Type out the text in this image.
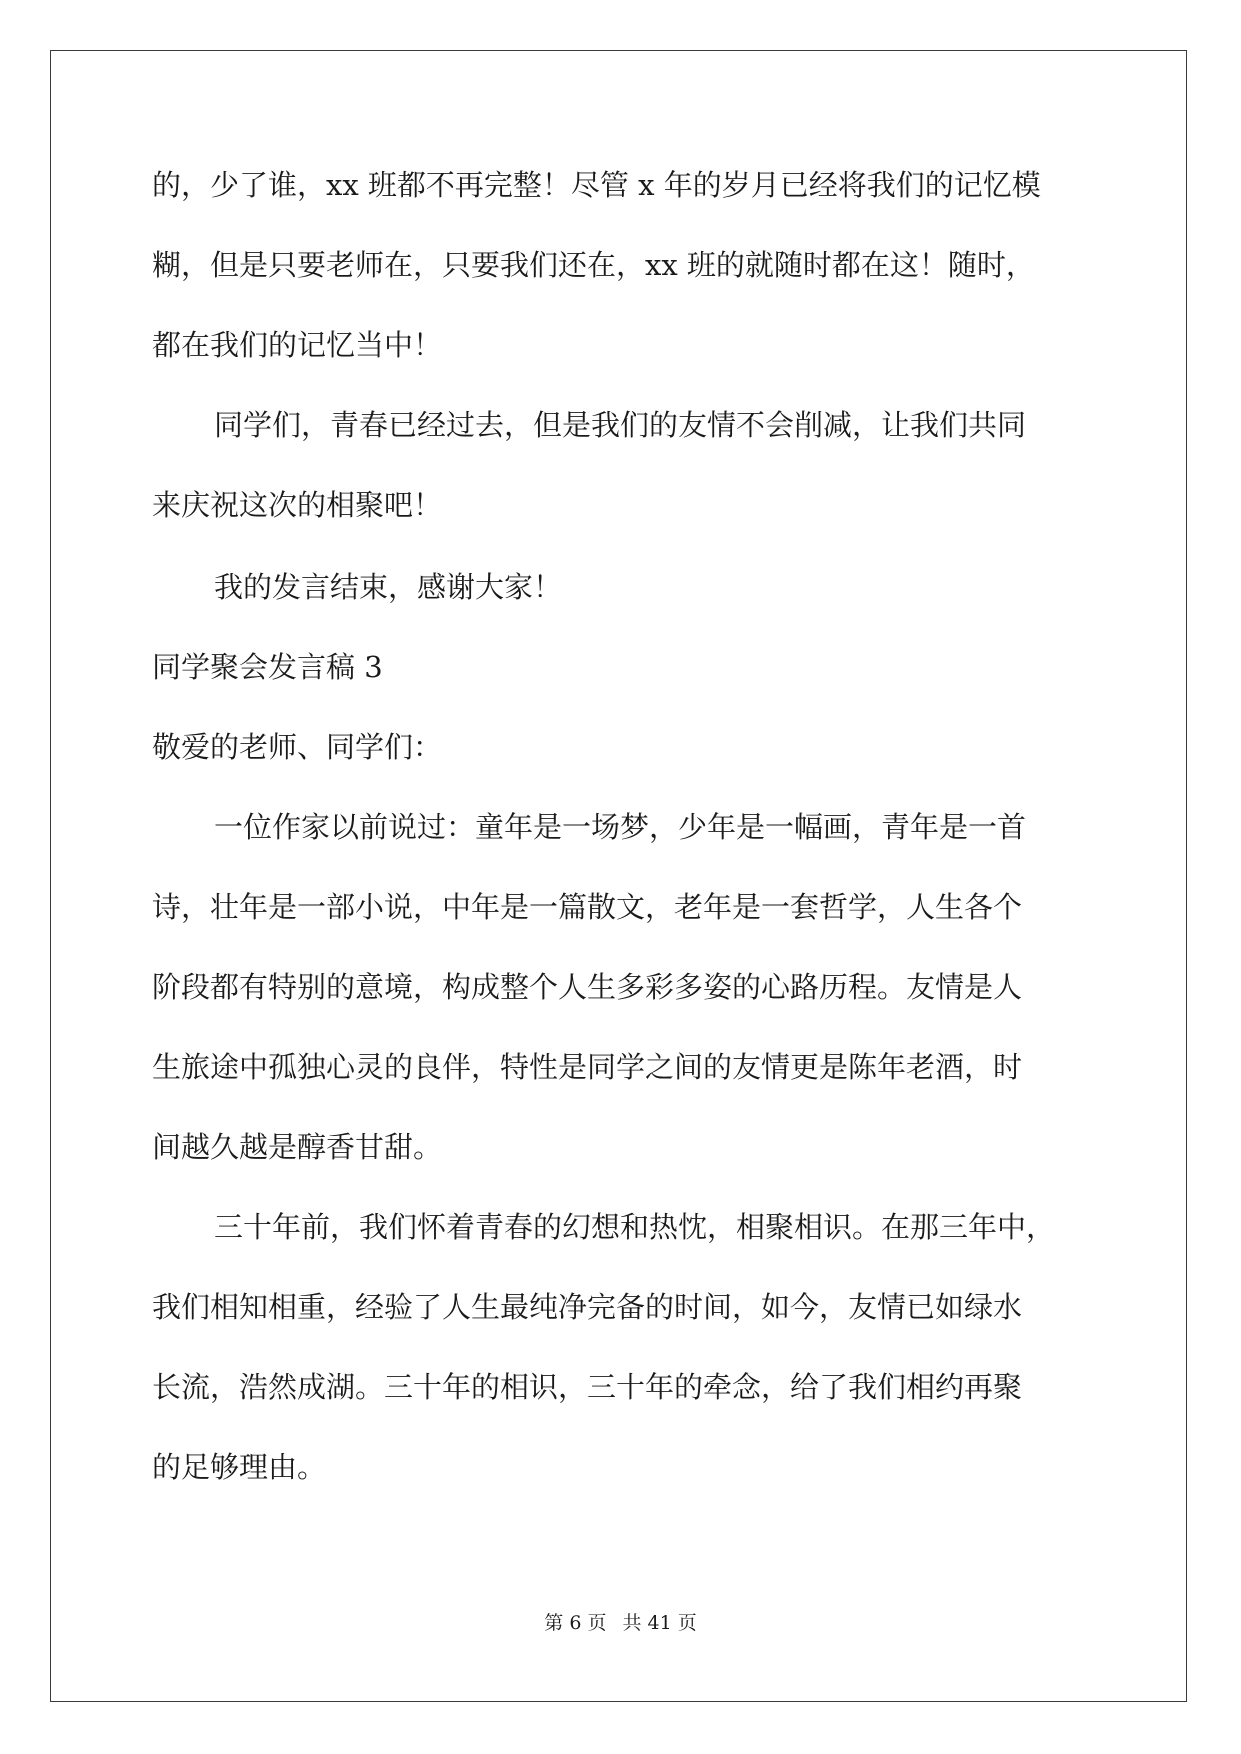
的，少了谁，xx 班都不再完整！尽管 x 年的岁月已经将我们的记忆模
糊，但是只要老师在，只要我们还在，xx 班的就随时都在这！随时，
都在我们的记忆当中！
同学们，青春已经过去，但是我们的友情不会削减，让我们共同
来庆祝这次的相聚吧！
我的发言结束，感谢大家！
同学聚会发言稿 3
敬爱的老师、同学们：
一位作家以前说过：童年是一场梦，少年是一幅画，青年是一首
诗，壮年是一部小说，中年是一篇散文，老年是一套哲学，人生各个
阶段都有特别的意境，构成整个人生多彩多姿的心路历程。友情是人
生旅途中孤独心灵的良伴，特性是同学之间的友情更是陈年老酒，时
间越久越是醇香甘甜。
三十年前，我们怀着青春的幻想和热忱，相聚相识。在那三年中，
我们相知相重，经验了人生最纯净完备的时间，如今，友情已如绿水
长流，浩然成湖。三十年的相识，三十年的牵念，给了我们相约再聚
的足够理由。
第 6 页 共 41 页
